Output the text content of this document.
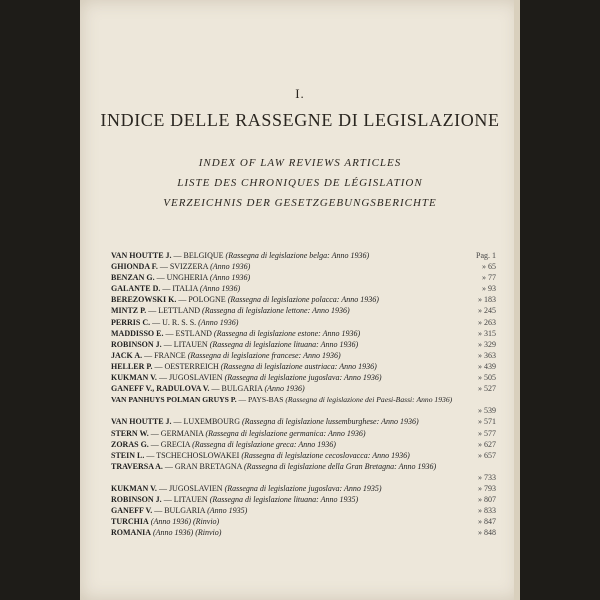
I.
INDICE DELLE RASSEGNE DI LEGISLAZIONE
INDEX OF LAW REVIEWS ARTICLES
LISTE DES CHRONIQUES DE LÉGISLATION
VERZEICHNIS DER GESETZGEBUNGSBERICHTE
VAN HOUTTE J. — BELGIQUE (Rassegna di legislazione belga: Anno 1936)	Pag. 1
GHIONDA F. — SVIZZERA (Anno 1936)	» 65
BENZAN G. — UNGHERIA (Anno 1936)	» 77
GALANTE D. — ITALIA (Anno 1936)	» 93
BEREZOWSKI K. — POLOGNE (Rassegna di legislazione polacca: Anno 1936)	» 183
MINTZ P. — LETTLAND (Rassegna di legislazione lettone: Anno 1936)	» 245
PERRIS C. — U. R. S. S. (Anno 1936)	» 263
MADDISSO E. — ESTLAND (Rassegna di legislazione estone: Anno 1936)	» 315
ROBINSON J. — LITAUEN (Rassegna di legislazione lituana: Anno 1936)	» 329
JACK A. — FRANCE (Rassegna di legislazione francese: Anno 1936)	» 363
HELLER P. — OESTERREICH (Rassegna di legislazione austriaca: Anno 1936)	» 439
KUKMAN V. — JUGOSLAVIEN (Rassegna di legislazione jugoslava: Anno 1936)	» 505
GANEFF V., RADULOVA V. — BULGARIA (Anno 1936)	» 527
VAN PANHUYS POLMAN GRUYS P. — PAYS-BAS (Rassegna di legislazione dei Paesi-Bassi: Anno 1936)
» 539
VAN HOUTTE J. — LUXEMBOURG (Rassegna di legislazione lussemburghese: Anno 1936)	» 571
STERN W. — GERMANIA (Rassegna di legislazione germanica: Anno 1936)	» 577
ZORAS G. — GRECIA (Rassegna di legislazione greca: Anno 1936)	» 627
STEIN L. — TSCHECHOSLOWAKEI (Rassegna di legislazione cecoslovacca: Anno 1936)	» 657
TRAVERSA A. — GRAN BRETAGNA (Rassegna di legislazione della Gran Bretagna: Anno 1936)
» 733
KUKMAN V. — JUGOSLAVIEN (Rassegna di legislazione jugoslava: Anno 1935)	» 793
ROBINSON J. — LITAUEN (Rassegna di legislazione lituana: Anno 1935)	» 807
GANEFF V. — BULGARIA (Anno 1935)	» 833
TURCHIA (Anno 1936) (Rinvio)	» 847
ROMANIA (Anno 1936) (Rinvio)	» 848
